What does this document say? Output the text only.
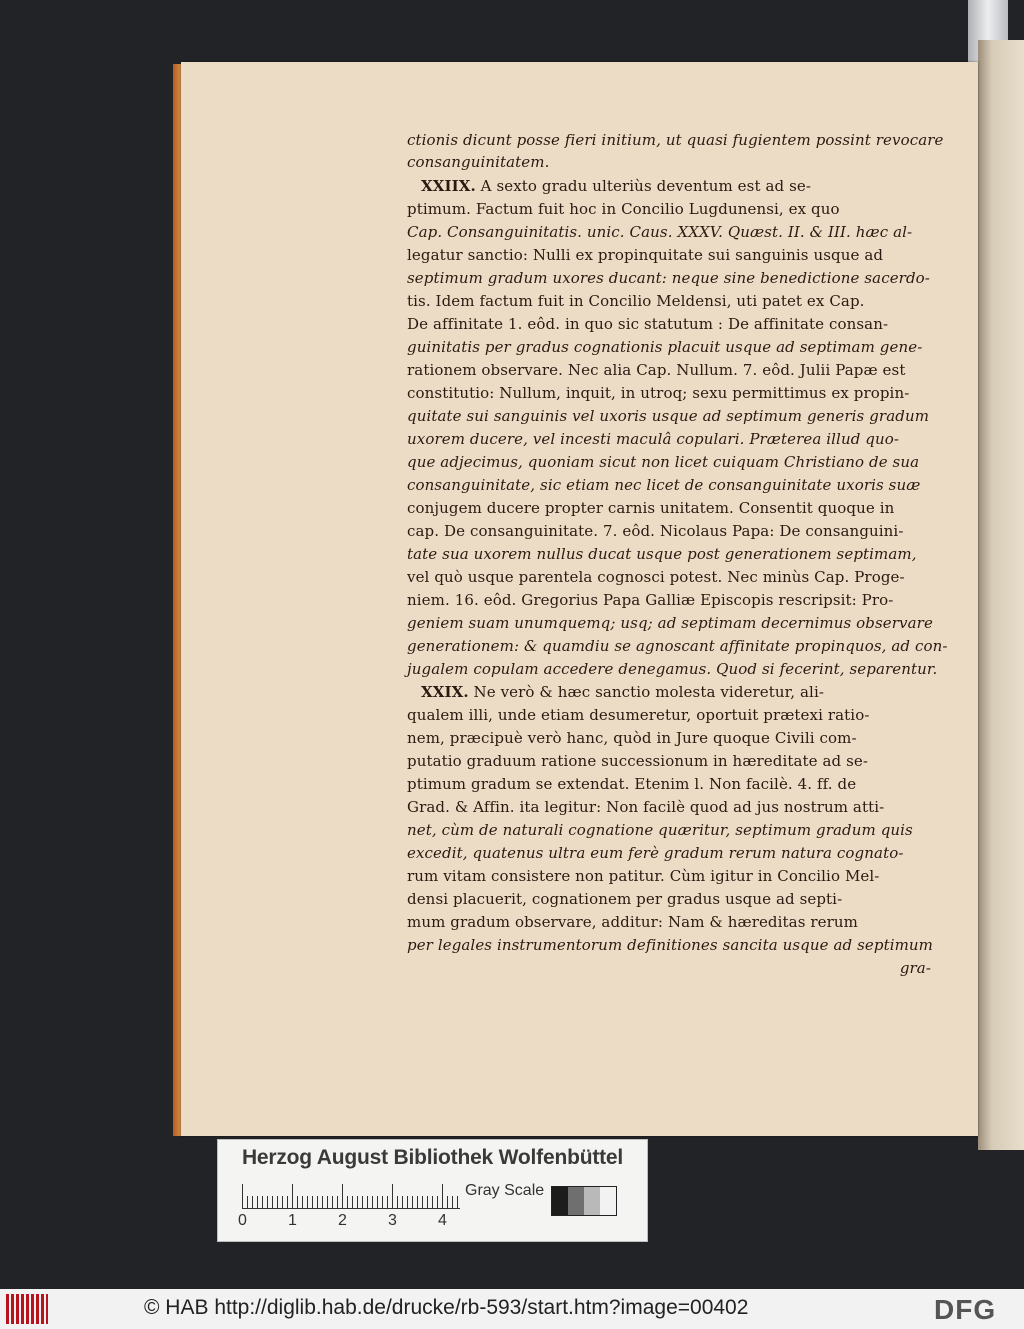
ctionis dicunt posse fieri initium, ut quasi fugientem possint revocare
consanguinitatem.
XXIIX. A sexto gradu ulteriùs deventum est ad se-
ptimum. Factum fuit hoc in Concilio Lugdunensi, ex quo
Cap. Consanguinitatis. unic. Caus. XXXV. Quæst. II. & III. hæc al-
legatur sanctio: Nulli ex propinquitate sui sanguinis usque ad
septimum gradum uxores ducant: neque sine benedictione sacerdo-
tis. Idem factum fuit in Concilio Meldensi, uti patet ex Cap.
De affinitate 1. eôd. in quo sic statutum : De affinitate consan-
guinitatis per gradus cognationis placuit usque ad septimam gene-
rationem observare. Nec alia Cap. Nullum. 7. eôd. Julii Papæ est
constitutio: Nullum, inquit, in utroq; sexu permittimus ex propin-
quitate sui sanguinis vel uxoris usque ad septimum generis gradum
uxorem ducere, vel incesti maculâ copulari. Præterea illud quo-
que adjecimus, quoniam sicut non licet cuiquam Christiano de sua
consanguinitate, sic etiam nec licet de consanguinitate uxoris suæ
conjugem ducere propter carnis unitatem. Consentit quoque in
cap. De consanguinitate. 7. eôd. Nicolaus Papa: De consanguini-
tate sua uxorem nullus ducat usque post generationem septimam,
vel quò usque parentela cognosci potest. Nec minùs Cap. Proge-
niem. 16. eôd. Gregorius Papa Galliæ Episcopis rescripsit: Pro-
geniem suam unumquemq; usq; ad septimam decernimus observare
generationem: & quamdiu se agnoscant affinitate propinquos, ad con-
jugalem copulam accedere denegamus. Quod si fecerint, separentur.
XXIX. Ne verò & hæc sanctio molesta videretur, ali-
qualem illi, unde etiam desumeretur, oportuit prætexi ratio-
nem, præcipuè verò hanc, quòd in Jure quoque Civili com-
putatio graduum ratione successionum in hæreditate ad se-
ptimum gradum se extendat. Etenim l. Non facilè. 4. ff. de
Grad. & Affin. ita legitur: Non facilè quod ad jus nostrum atti-
net, cùm de naturali cognatione quæritur, septimum gradum quis
excedit, quatenus ultra eum ferè gradum rerum natura cognato-
rum vitam consistere non patitur. Cùm igitur in Concilio Mel-
densi placuerit, cognationem per gradus usque ad septi-
mum gradum observare, additur: Nam & hæreditas rerum
per legales instrumentorum definitiones sancita usque ad septimum
gra-
Herzog August Bibliothek Wolfenbüttel
0	1	2	3	4
Gray Scale
© HAB http://diglib.hab.de/drucke/rb-593/start.htm?image=00402	DFG
